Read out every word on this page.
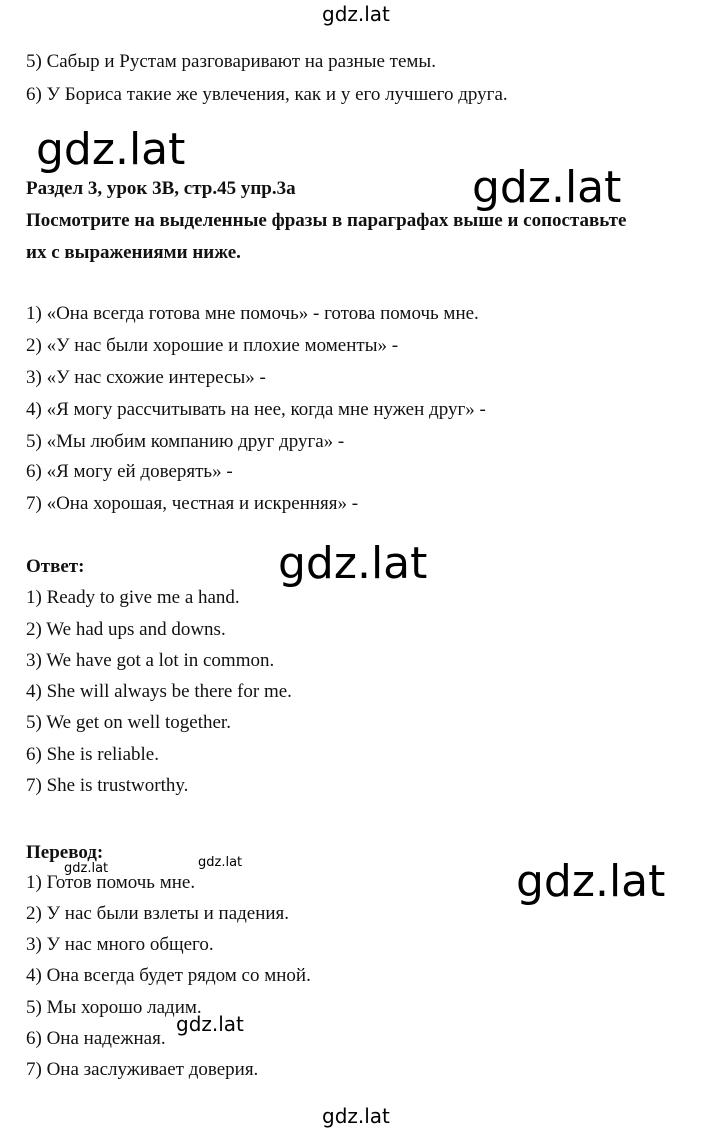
gdz.lat
gdz.lat
gdz.lat
gdz.lat
gdz.lat
gdz.lat	gdz.lat
gdz.lat
gdz.lat
5) Сабыр и Рустам разговаривают на разные темы.
6) У Бориса такие же увлечения, как и у его лучшего друга.
Раздел 3, урок 3B, стр.45 упр.3а
Посмотрите на выделенные фразы в параграфах выше и сопоставьте
их с выражениями ниже.
1) «Она всегда готова мне помочь» - готова помочь мне.
2) «У нас были хорошие и плохие моменты» -
3) «У нас схожие интересы» -
4) «Я могу рассчитывать на нее, когда мне нужен друг» -
5) «Мы любим компанию друг друга» -
6) «Я могу ей доверять» -
7) «Она хорошая, честная и искренняя» -
Ответ:
1) Ready to give me a hand.
2) We had ups and downs.
3) We have got a lot in common.
4) She will always be there for me.
5) We get on well together.
6) She is reliable.
7) She is trustworthy.
Перевод:
1) Готов помочь мне.
2) У нас были взлеты и падения.
3) У нас много общего.
4) Она всегда будет рядом со мной.
5) Мы хорошо ладим.
6) Она надежная.
7) Она заслуживает доверия.
